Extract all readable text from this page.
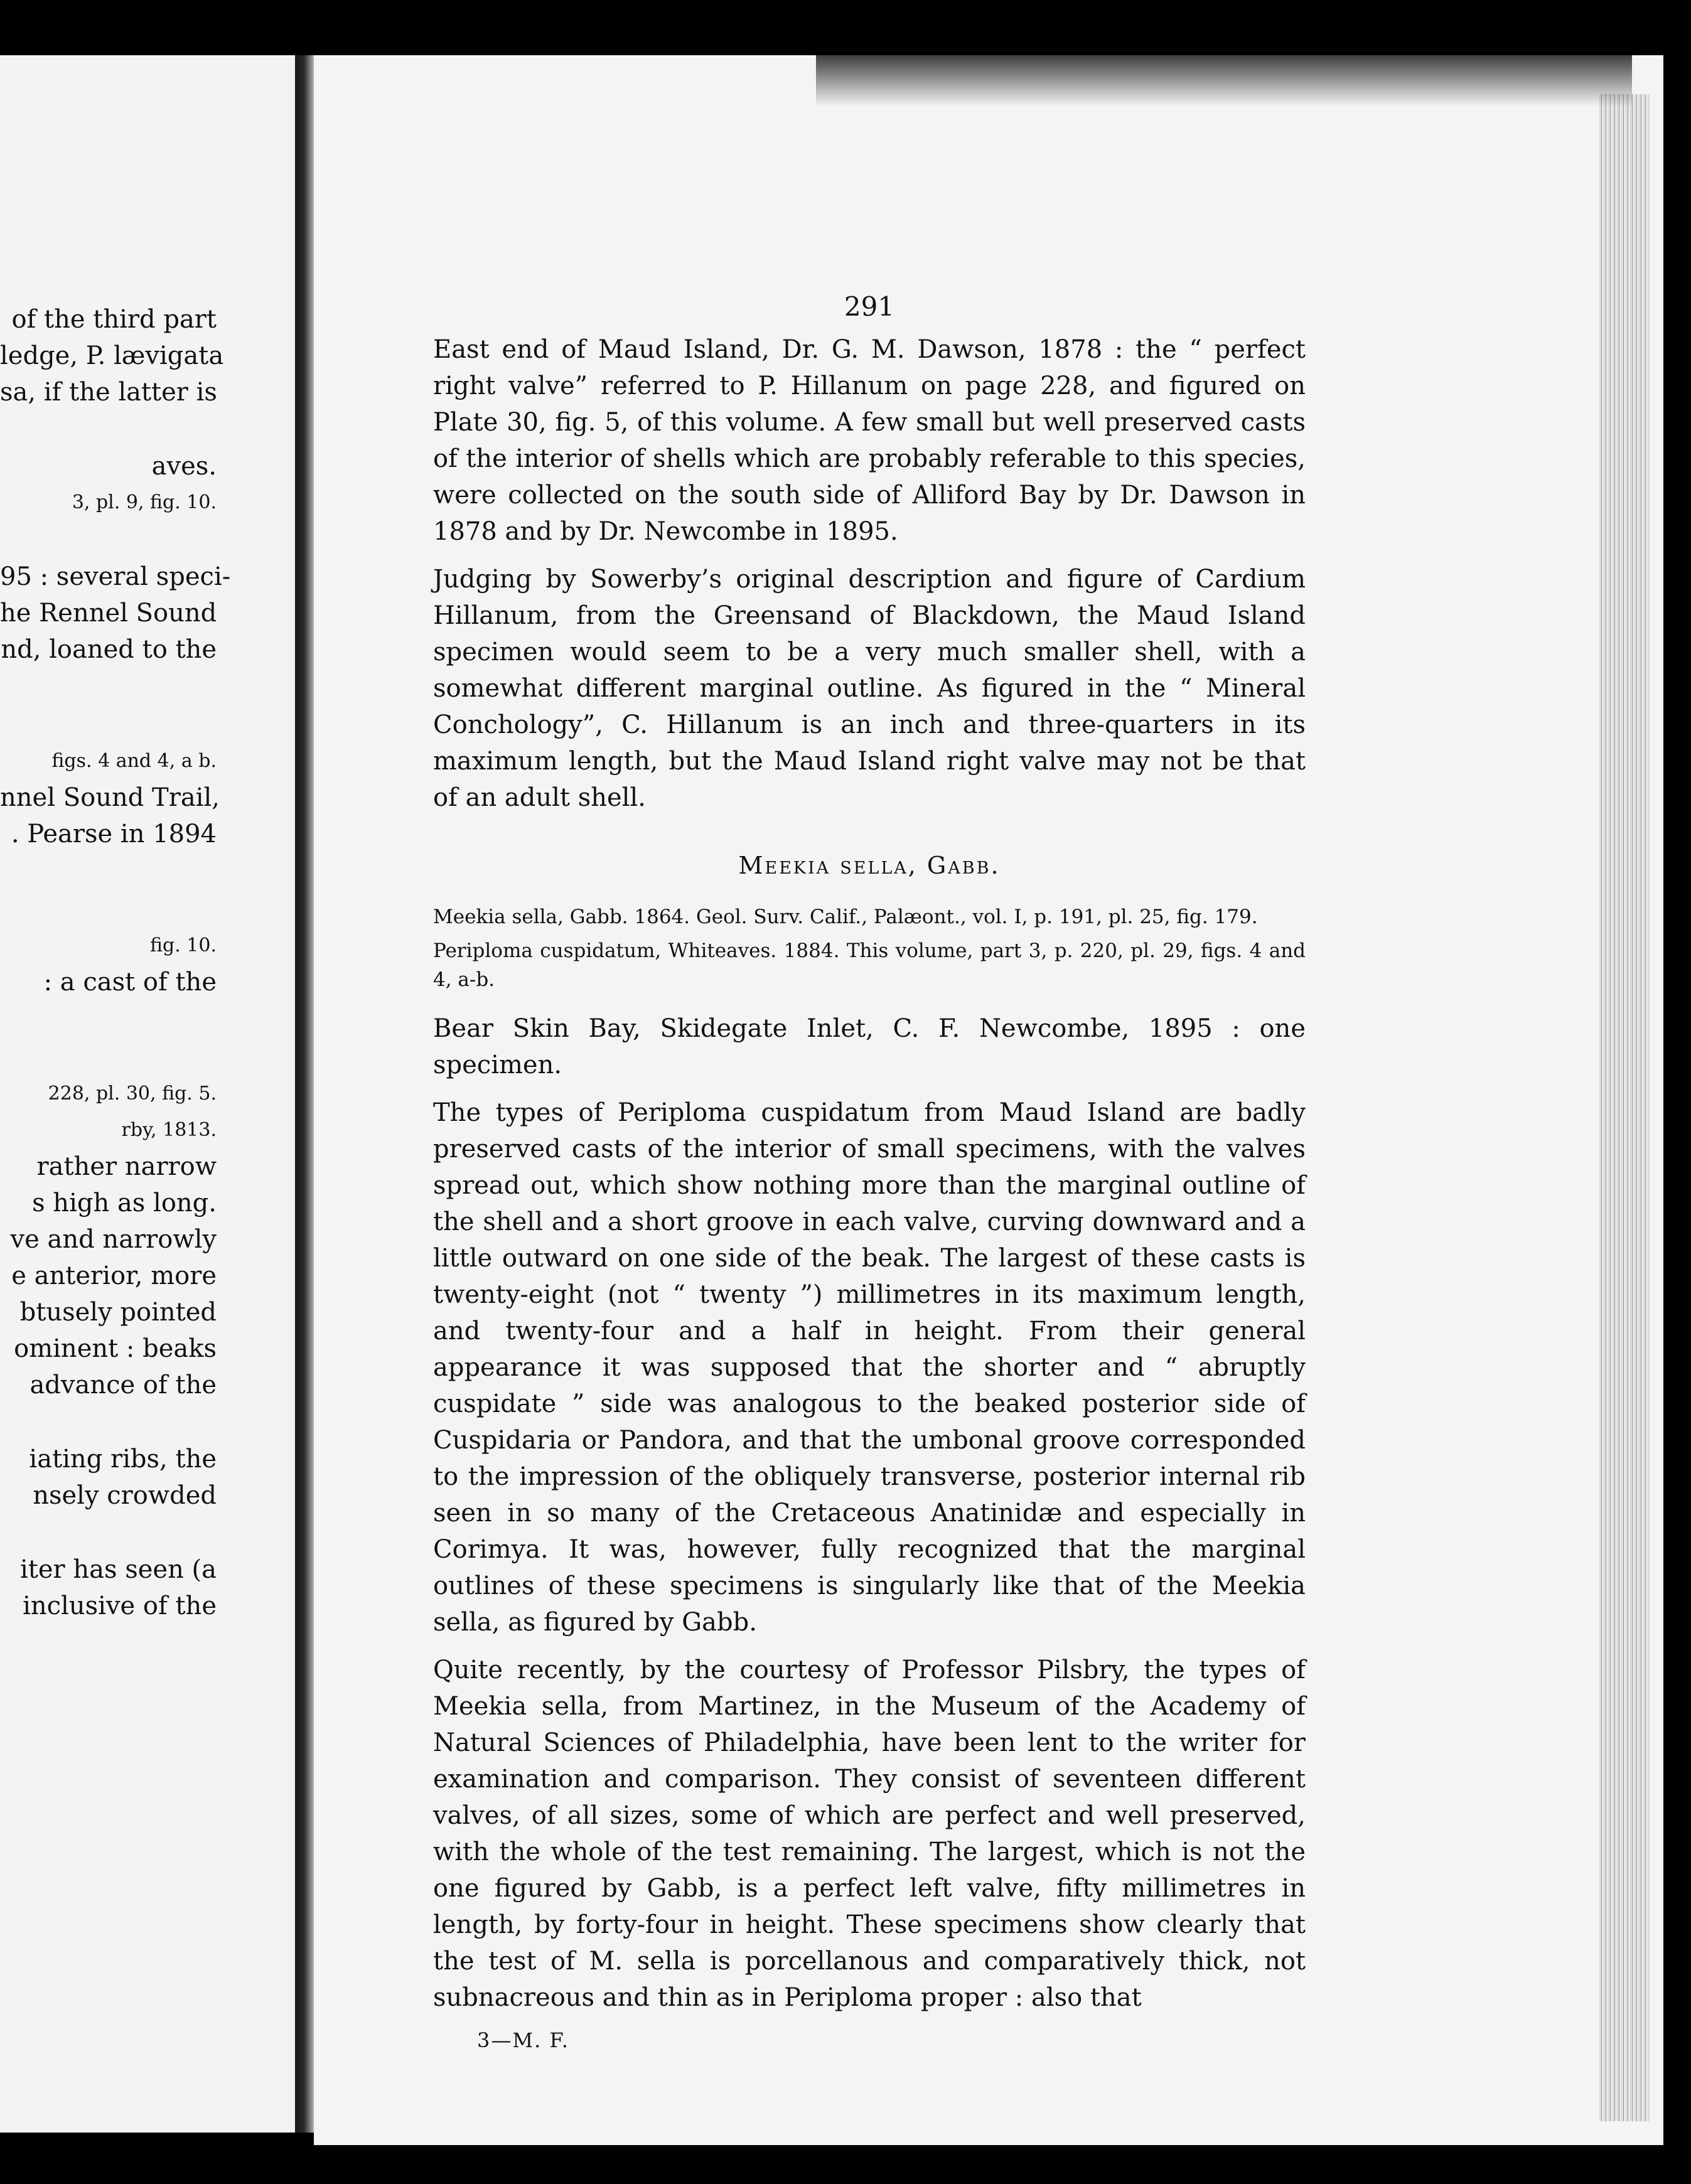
of the third part
ledge, P. lævigata
sa, if the latter is
aves.
3, pl. 9, fig. 10.
95 : several speci-
he Rennel Sound
nd, loaned to the
figs. 4 and 4, a b.
nnel Sound Trail,
. Pearse in 1894
fig. 10.
: a cast of the
228, pl. 30, fig. 5.
rby, 1813.
rather narrow
s high as long.
ve and narrowly
e anterior, more
btusely pointed
ominent : beaks
advance of the
iating ribs, the
nsely crowded
iter has seen (a
inclusive of the
291

East end of Maud Island, Dr. G. M. Dawson, 1878 : the “ perfect right valve” referred to P. Hillanum on page 228, and figured on Plate 30, fig. 5, of this volume. A few small but well preserved casts of the interior of shells which are probably referable to this species, were collected on the south side of Alliford Bay by Dr. Dawson in 1878 and by Dr. Newcombe in 1895.

Judging by Sowerby’s original description and figure of Cardium Hillanum, from the Greensand of Blackdown, the Maud Island specimen would seem to be a very much smaller shell, with a somewhat different marginal outline. As figured in the “ Mineral Conchology”, C. Hillanum is an inch and three-quarters in its maximum length, but the Maud Island right valve may not be that of an adult shell.

Meekia sella, Gabb.

Meekia sella, Gabb. 1864. Geol. Surv. Calif., Palæont., vol. I, p. 191, pl. 25, fig. 179.

Periploma cuspidatum, Whiteaves. 1884. This volume, part 3, p. 220, pl. 29, figs. 4 and 4, a-b.

Bear Skin Bay, Skidegate Inlet, C. F. Newcombe, 1895 : one specimen.

The types of Periploma cuspidatum from Maud Island are badly preserved casts of the interior of small specimens, with the valves spread out, which show nothing more than the marginal outline of the shell and a short groove in each valve, curving downward and a little outward on one side of the beak. The largest of these casts is twenty-eight (not “ twenty ”) millimetres in its maximum length, and twenty-four and a half in height. From their general appearance it was supposed that the shorter and “ abruptly cuspidate ” side was analogous to the beaked posterior side of Cuspidaria or Pandora, and that the umbonal groove corresponded to the impression of the obliquely transverse, posterior internal rib seen in so many of the Cretaceous Anatinidæ and especially in Corimya. It was, however, fully recognized that the marginal outlines of these specimens is singularly like that of the Meekia sella, as figured by Gabb.

Quite recently, by the courtesy of Professor Pilsbry, the types of Meekia sella, from Martinez, in the Museum of the Academy of Natural Sciences of Philadelphia, have been lent to the writer for examination and comparison. They consist of seventeen different valves, of all sizes, some of which are perfect and well preserved, with the whole of the test remaining. The largest, which is not the one figured by Gabb, is a perfect left valve, fifty millimetres in length, by forty-four in height. These specimens show clearly that the test of M. sella is porcellanous and comparatively thick, not subnacreous and thin as in Periploma proper : also that

3—M. F.
